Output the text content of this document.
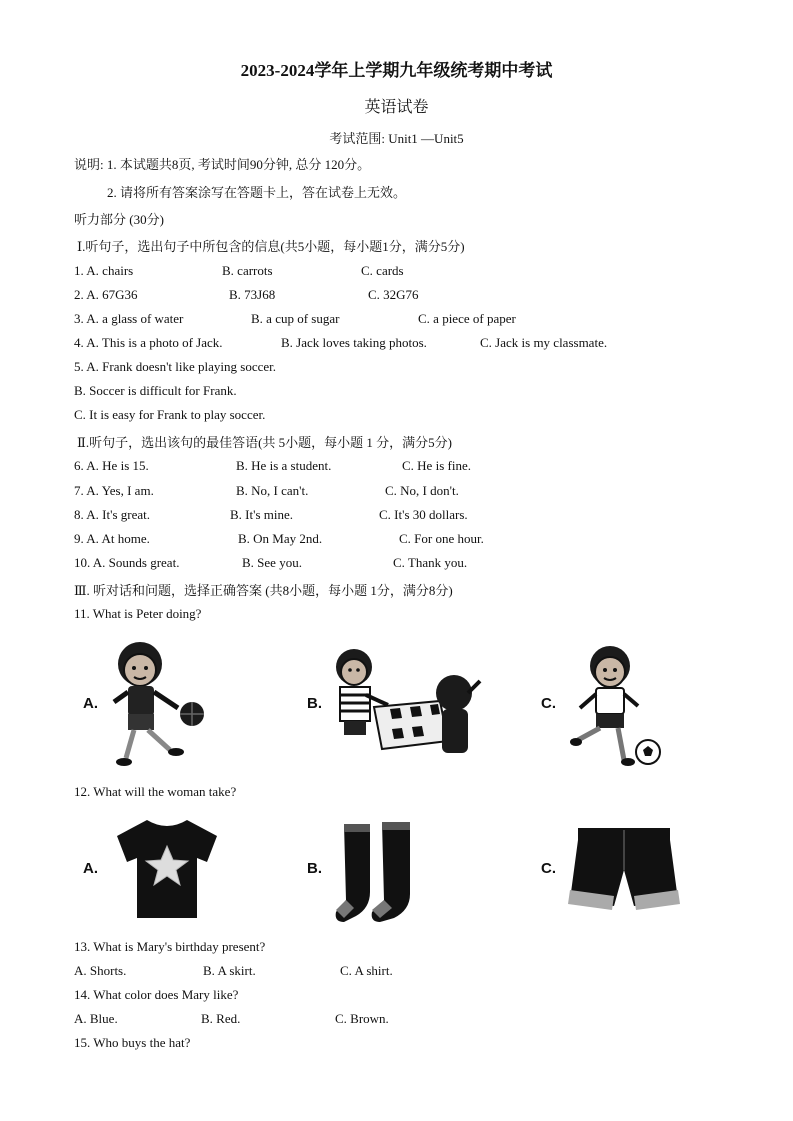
2023-2024学年上学期九年级统考期中考试
英语试卷
考试范围: Unit1 —Unit5
说明: 1. 本试题共8页, 考试时间90分钟, 总分 120分。
2. 请将所有答案涂写在答题卡上，答在试卷上无效。
听力部分 (30分)
Ⅰ.听句子，选出句子中所包含的信息(共5小题，每小题1分，满分5分)
1. A. chairs	B. carrots	C. cards
2. A. 67G36	B. 73J68	C. 32G76
3. A. a glass of water	B. a cup of sugar	C. a piece of paper
4. A. This is a photo of Jack.	B. Jack loves taking photos.	C. Jack is my classmate.
5. A. Frank doesn't like playing soccer.
B. Soccer is difficult for Frank.
C. It is easy for Frank to play soccer.
Ⅱ.听句子，选出该句的最佳答语(共 5小题，每小题 1 分，满分5分)
6. A. He is 15.	B. He is a student.	C. He is fine.
7. A. Yes, I am.	B. No, I can't.	C. No, I don't.
8. A. It's great.	B. It's mine.	C. It's 30 dollars.
9. A. At home.	B. On May 2nd.	C. For one hour.
10. A. Sounds great.	B. See you.	C. Thank you.
Ⅲ. 听对话和问题，选择正确答案 (共8小题，每小题 1分，满分8分)
11. What is Peter doing?
A.	B.	C.
12. What will the woman take?
A.	B.	C.
13. What is Mary's birthday present?
A. Shorts.	B. A skirt.	C. A shirt.
14. What color does Mary like?
A. Blue.	B. Red.	C. Brown.
15. Who buys the hat?
